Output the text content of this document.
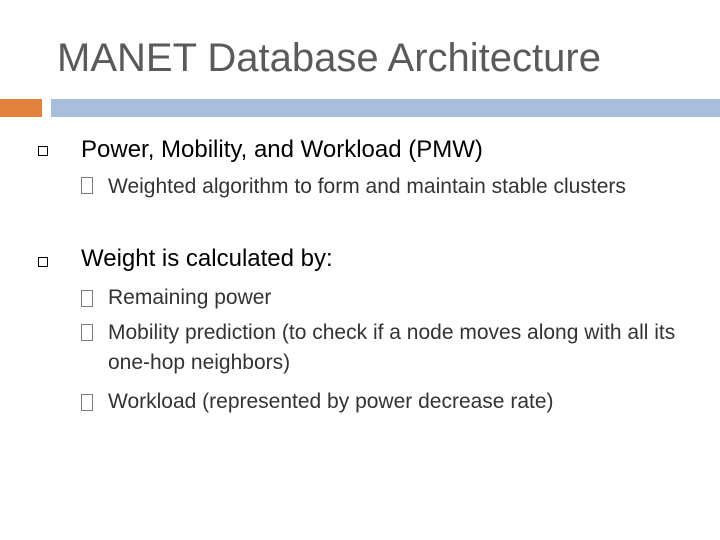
MANET Database Architecture
Power, Mobility, and Workload (PMW)
Weighted algorithm to form and maintain stable clusters
Weight is calculated by:
Remaining power
Mobility prediction (to check if a node moves along with all its one-hop neighbors)
Workload (represented by power decrease rate)
